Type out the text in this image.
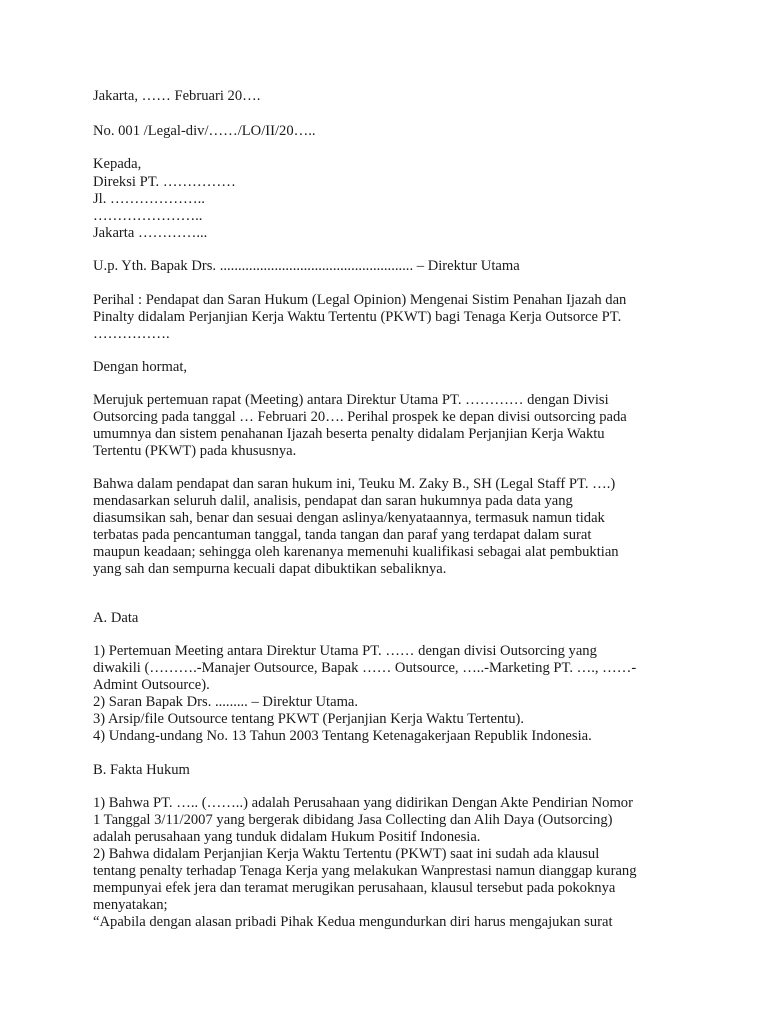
Jakarta, …… Februari 20….
No. 001 /Legal-div/……/LO/II/20…..
Kepada,
Direksi PT. ……………
Jl. ………………..
…………………..
Jakarta …………...
U.p. Yth. Bapak Drs. ..................................................... – Direktur Utama
Perihal : Pendapat dan Saran Hukum (Legal Opinion) Mengenai Sistim Penahan Ijazah dan
Pinalty didalam Perjanjian Kerja Waktu Tertentu (PKWT) bagi Tenaga Kerja Outsorce PT.
…………….
Dengan hormat,
Merujuk pertemuan rapat (Meeting) antara Direktur Utama PT. ………… dengan Divisi
Outsorcing pada tanggal … Februari 20…. Perihal prospek ke depan divisi outsorcing pada
umumnya dan sistem penahanan Ijazah beserta penalty didalam Perjanjian Kerja Waktu
Tertentu (PKWT) pada khususnya.
Bahwa dalam pendapat dan saran hukum ini, Teuku M. Zaky B., SH (Legal Staff PT. ….)
mendasarkan seluruh dalil, analisis, pendapat dan saran hukumnya pada data yang
diasumsikan sah, benar dan sesuai dengan aslinya/kenyataannya, termasuk namun tidak
terbatas pada pencantuman tanggal, tanda tangan dan paraf yang terdapat dalam surat
maupun keadaan; sehingga oleh karenanya memenuhi kualifikasi sebagai alat pembuktian
yang sah dan sempurna kecuali dapat dibuktikan sebaliknya.
A. Data
1) Pertemuan Meeting antara Direktur Utama PT. …… dengan divisi Outsorcing yang
diwakili (……….-Manajer Outsource, Bapak …… Outsource, …..-Marketing PT. …., ……-
Admint Outsource).
2) Saran Bapak Drs. ......... – Direktur Utama.
3) Arsip/file Outsource tentang PKWT (Perjanjian Kerja Waktu Tertentu).
4) Undang-undang No. 13 Tahun 2003 Tentang Ketenagakerjaan Republik Indonesia.
B. Fakta Hukum
1) Bahwa PT. ….. (……..) adalah Perusahaan yang didirikan Dengan Akte Pendirian Nomor
1 Tanggal 3/11/2007 yang bergerak dibidang Jasa Collecting dan Alih Daya (Outsorcing)
adalah perusahaan yang tunduk didalam Hukum Positif Indonesia.
2) Bahwa didalam Perjanjian Kerja Waktu Tertentu (PKWT) saat ini sudah ada klausul
tentang penalty terhadap Tenaga Kerja yang melakukan Wanprestasi namun dianggap kurang
mempunyai efek jera dan teramat merugikan perusahaan, klausul tersebut pada pokoknya
menyatakan;
“Apabila dengan alasan pribadi Pihak Kedua mengundurkan diri harus mengajukan surat
